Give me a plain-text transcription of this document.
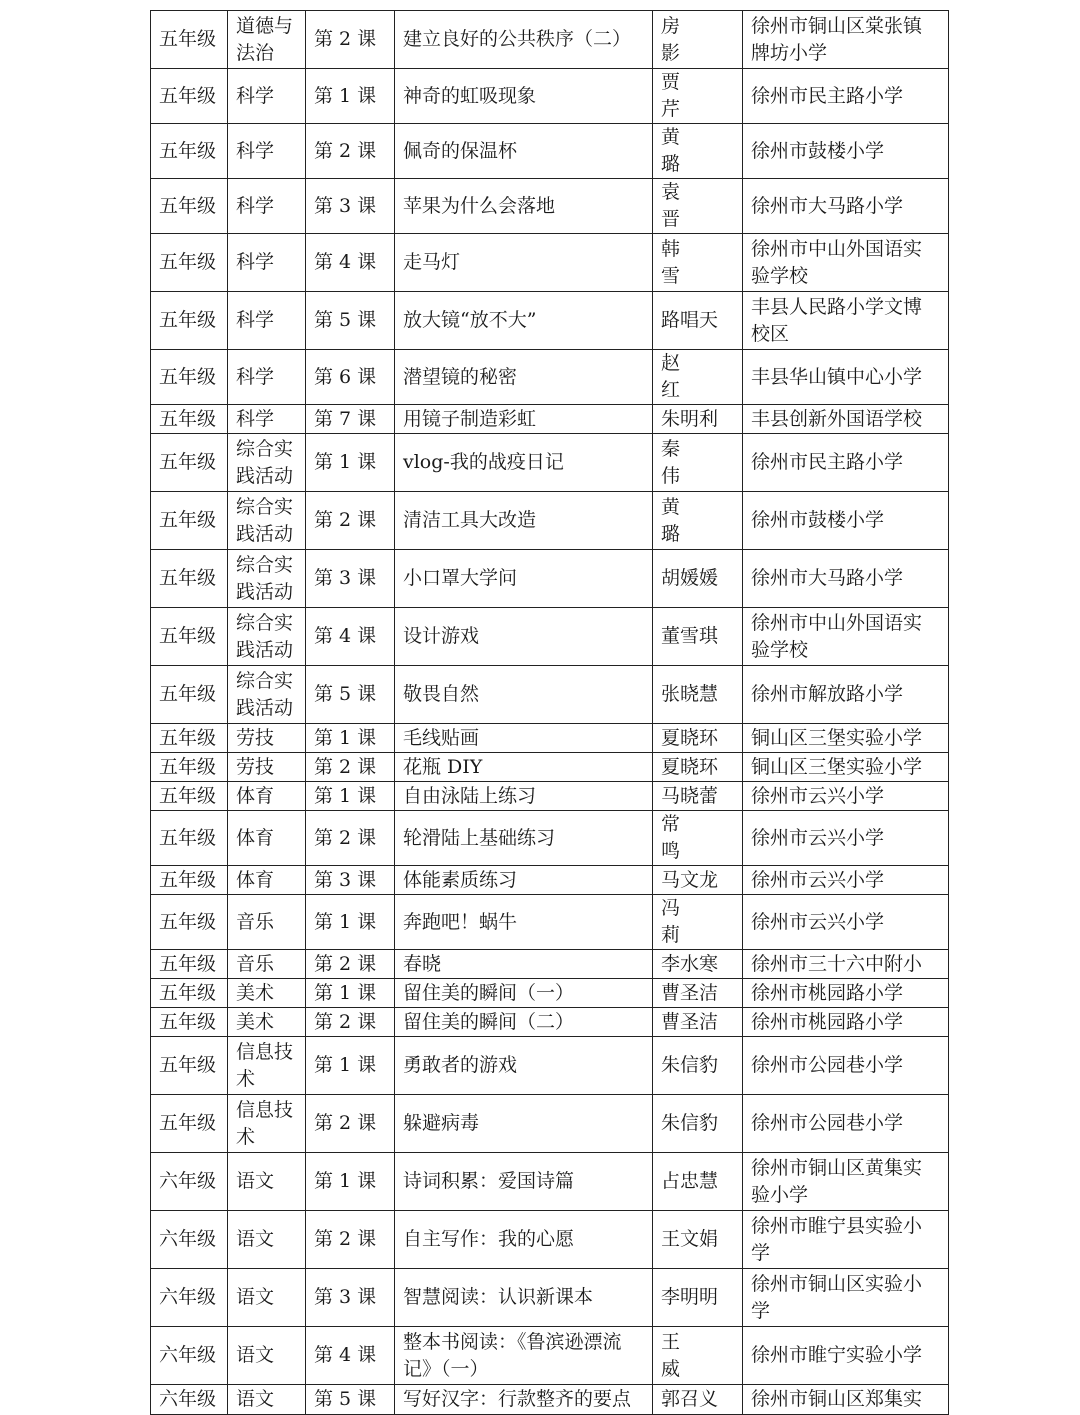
五年级	道德与法治	第 2 课	建立良好的公共秩序（二）	房影	徐州市铜山区棠张镇牌坊小学
五年级	科学	第 1 课	神奇的虹吸现象	贾芹	徐州市民主路小学
五年级	科学	第 2 课	佩奇的保温杯	黄璐	徐州市鼓楼小学
五年级	科学	第 3 课	苹果为什么会落地	袁晋	徐州市大马路小学
五年级	科学	第 4 课	走马灯	韩雪	徐州市中山外国语实验学校
五年级	科学	第 5 课	放大镜“放不大”	路唱天	丰县人民路小学文博校区
五年级	科学	第 6 课	潜望镜的秘密	赵红	丰县华山镇中心小学
五年级	科学	第 7 课	用镜子制造彩虹	朱明利	丰县创新外国语学校
五年级	综合实践活动	第 1 课	vlog-我的战疫日记	秦伟	徐州市民主路小学
五年级	综合实践活动	第 2 课	清洁工具大改造	黄璐	徐州市鼓楼小学
五年级	综合实践活动	第 3 课	小口罩大学问	胡媛媛	徐州市大马路小学
五年级	综合实践活动	第 4 课	设计游戏	董雪琪	徐州市中山外国语实验学校
五年级	综合实践活动	第 5 课	敬畏自然	张晓慧	徐州市解放路小学
五年级	劳技	第 1 课	毛线贴画	夏晓环	铜山区三堡实验小学
五年级	劳技	第 2 课	花瓶 DIY	夏晓环	铜山区三堡实验小学
五年级	体育	第 1 课	自由泳陆上练习	马晓蕾	徐州市云兴小学
五年级	体育	第 2 课	轮滑陆上基础练习	常鸣	徐州市云兴小学
五年级	体育	第 3 课	体能素质练习	马文龙	徐州市云兴小学
五年级	音乐	第 1 课	奔跑吧！蜗牛	冯莉	徐州市云兴小学
五年级	音乐	第 2 课	春晓	李水寒	徐州市三十六中附小
五年级	美术	第 1 课	留住美的瞬间（一）	曹圣洁	徐州市桃园路小学
五年级	美术	第 2 课	留住美的瞬间（二）	曹圣洁	徐州市桃园路小学
五年级	信息技术	第 1 课	勇敢者的游戏	朱信豹	徐州市公园巷小学
五年级	信息技术	第 2 课	躲避病毒	朱信豹	徐州市公园巷小学
六年级	语文	第 1 课	诗词积累：爱国诗篇	占忠慧	徐州市铜山区黄集实验小学
六年级	语文	第 2 课	自主写作：我的心愿	王文娟	徐州市睢宁县实验小学
六年级	语文	第 3 课	智慧阅读：认识新课本	李明明	徐州市铜山区实验小学
六年级	语文	第 4 课	整本书阅读：《鲁滨逊漂流记》（一）	王威	徐州市睢宁实验小学
六年级	语文	第 5 课	写好汉字：行款整齐的要点	郭召义	徐州市铜山区郑集实
